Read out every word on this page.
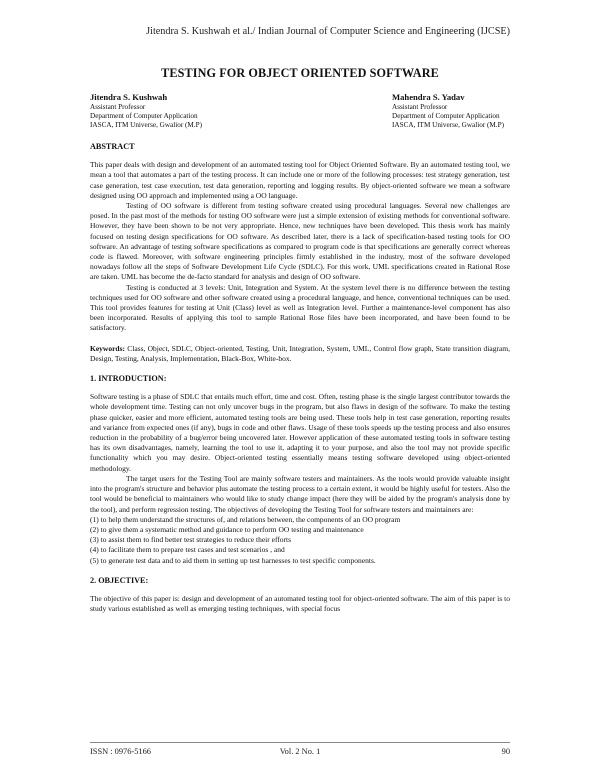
Jitendra S. Kushwah et al./ Indian Journal of Computer Science and Engineering (IJCSE)
TESTING FOR OBJECT ORIENTED SOFTWARE
Jitendra S. Kushwah
Assistant Professor
Department of Computer Application
IASCA, ITM Universe, Gwalior (M.P)
Mahendra S. Yadav
Assistant Professor
Department of Computer Application
IASCA, ITM Universe, Gwalior (M.P)
ABSTRACT

This paper deals with design and development of an automated testing tool for Object Oriented Software. By an automated testing tool, we mean a tool that automates a part of the testing process. It can include one or more of the following processes: test strategy generation, test case generation, test case execution, test data generation, reporting and logging results. By object-oriented software we mean a software designed using OO approach and implemented using a OO language.

Testing of OO software is different from testing software created using procedural languages. Several new challenges are posed. In the past most of the methods for testing OO software were just a simple extension of existing methods for conventional software. However, they have been shown to be not very appropriate. Hence, new techniques have been developed. This thesis work has mainly focused on testing design specifications for OO software. As described later, there is a lack of specification-based testing tools for OO software. An advantage of testing software specifications as compared to program code is that specifications are generally correct whereas code is flawed. Moreover, with software engineering principles firmly established in the industry, most of the software developed nowadays follow all the steps of Software Development Life Cycle (SDLC). For this work, UML specifications created in Rational Rose are taken. UML has become the de-facto standard for analysis and design of OO software.

Testing is conducted at 3 levels: Unit, Integration and System. At the system level there is no difference between the testing techniques used for OO software and other software created using a procedural language, and hence, conventional techniques can be used. This tool provides features for testing at Unit (Class) level as well as Integration level. Further a maintenance-level component has also been incorporated. Results of applying this tool to sample Rational Rose files have been incorporated, and have been found to be satisfactory.

Keywords: Class, Object, SDLC, Object-oriented, Testing, Unit, Integration, System, UML, Control flow graph, State transition diagram, Design, Testing, Analysis, Implementation, Black-Box, White-box.

1. INTRODUCTION:

Software testing is a phase of SDLC that entails much effort, time and cost. Often, testing phase is the single largest contributor towards the whole development time. Testing can not only uncover bugs in the program, but also flaws in design of the software. To make the testing phase quicker, easier and more efficient, automated testing tools are being used. These tools help in test case generation, reporting results and variance from expected ones (if any), bugs in code and other flaws. Usage of these tools speeds up the testing process and also ensures reduction in the probability of a bug/error being uncovered later. However application of these automated testing tools in software testing has its own disadvantages, namely, learning the tool to use it, adapting it to your purpose, and also the tool may not provide specific functionality which you may desire. Object-oriented testing essentially means testing software developed using object-oriented methodology.

The target users for the Testing Tool are mainly software testers and maintainers. As the tools would provide valuable insight into the program's structure and behavior plus automate the testing process to a certain extent, it would be highly useful for testers. Also the tool would be beneficial to maintainers who would like to study change impact (here they will be aided by the program's analysis done by the tool), and perform regression testing. The objectives of developing the Testing Tool for software testers and maintainers are:

(1) to help them understand the structures of, and relations between, the components of an OO program

(2) to give them a systematic method and guidance to perform OO testing and maintenance

(3) to assist them to find better test strategies to reduce their efforts

(4) to facilitate them to prepare test cases and test scenarios , and

(5) to generate test data and to aid them in setting up test harnesses to test specific components.

2. OBJECTIVE:

The objective of this paper is: design and development of an automated testing tool for object-oriented software. The aim of this paper is to study various established as well as emerging testing techniques, with special focus

ISSN : 0976-5166	Vol. 2 No. 1	90
